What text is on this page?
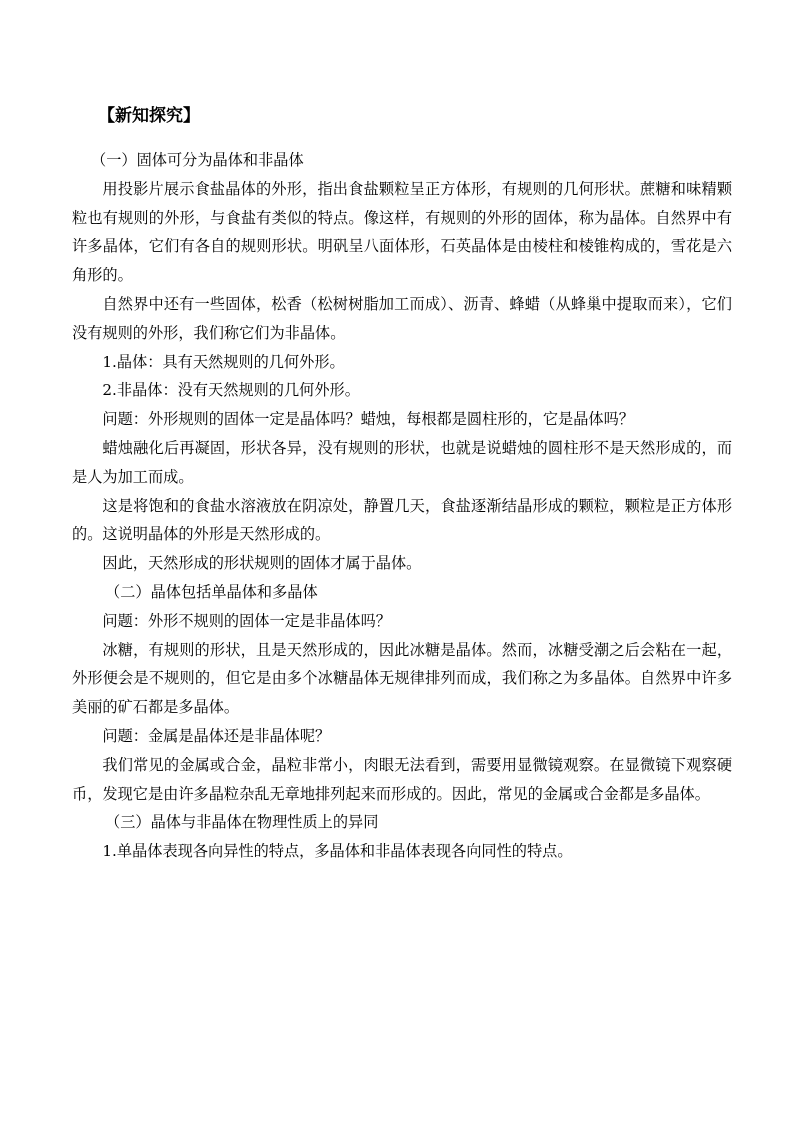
【新知探究】

（一）固体可分为晶体和非晶体

用投影片展示食盐晶体的外形，指出食盐颗粒呈正方体形，有规则的几何形状。蔗糖和味精颗粒也有规则的外形，与食盐有类似的特点。像这样，有规则的外形的固体，称为晶体。自然界中有许多晶体，它们有各自的规则形状。明矾呈八面体形，石英晶体是由棱柱和棱锥构成的，雪花是六角形的。

自然界中还有一些固体，松香（松树树脂加工而成）、沥青、蜂蜡（从蜂巢中提取而来），它们没有规则的外形，我们称它们为非晶体。

1.晶体：具有天然规则的几何外形。

2.非晶体：没有天然规则的几何外形。

问题：外形规则的固体一定是晶体吗？蜡烛，每根都是圆柱形的，它是晶体吗？

蜡烛融化后再凝固，形状各异，没有规则的形状，也就是说蜡烛的圆柱形不是天然形成的，而是人为加工而成。

这是将饱和的食盐水溶液放在阴凉处，静置几天，食盐逐渐结晶形成的颗粒，颗粒是正方体形的。这说明晶体的外形是天然形成的。

因此，天然形成的形状规则的固体才属于晶体。

（二）晶体包括单晶体和多晶体

问题：外形不规则的固体一定是非晶体吗？

冰糖，有规则的形状，且是天然形成的，因此冰糖是晶体。然而，冰糖受潮之后会粘在一起，外形便会是不规则的，但它是由多个冰糖晶体无规律排列而成，我们称之为多晶体。自然界中许多美丽的矿石都是多晶体。

问题：金属是晶体还是非晶体呢？

我们常见的金属或合金，晶粒非常小，肉眼无法看到，需要用显微镜观察。在显微镜下观察硬币，发现它是由许多晶粒杂乱无章地排列起来而形成的。因此，常见的金属或合金都是多晶体。

（三）晶体与非晶体在物理性质上的异同

1.单晶体表现各向异性的特点，多晶体和非晶体表现各向同性的特点。
